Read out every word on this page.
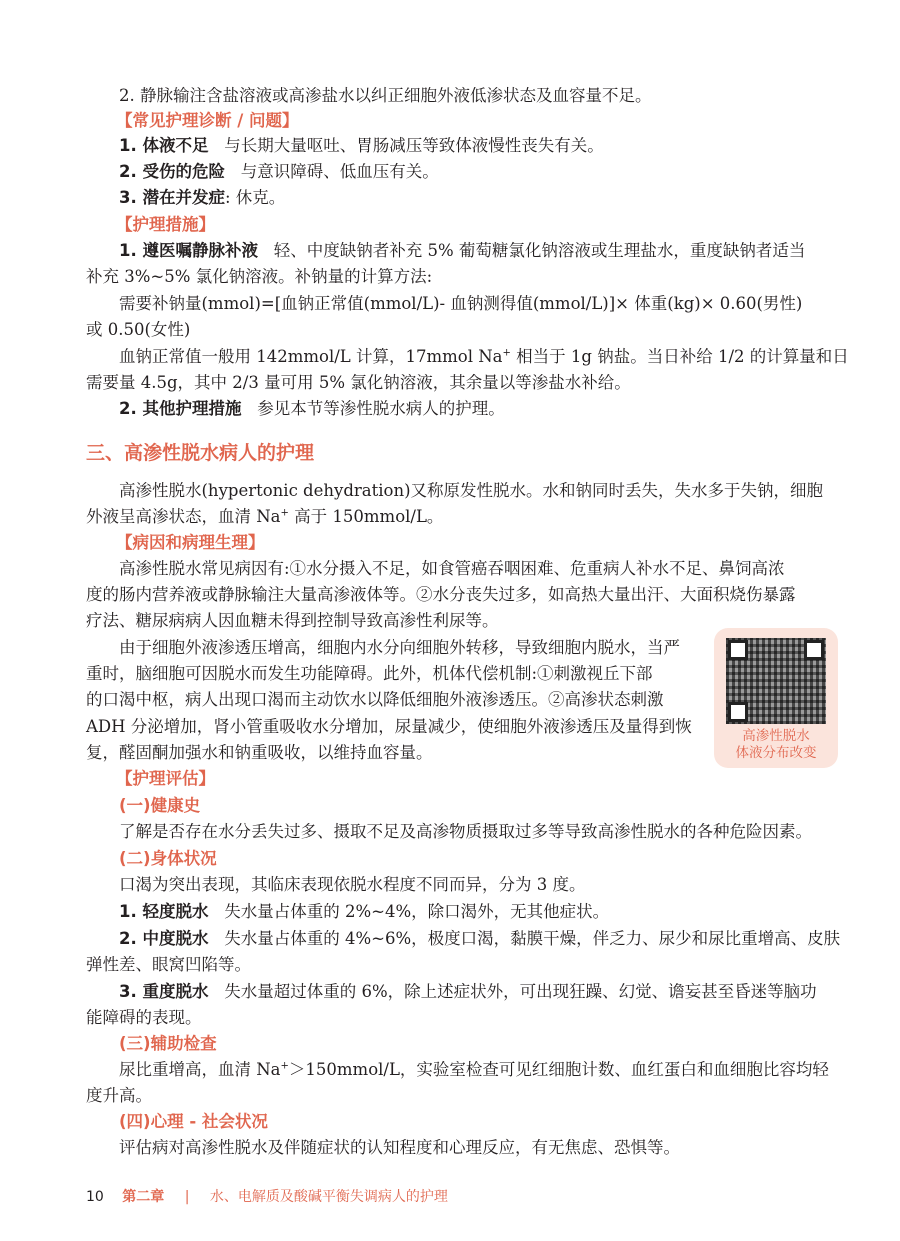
2. 静脉输注含盐溶液或高渗盐水以纠正细胞外液低渗状态及血容量不足。
【常见护理诊断 / 问题】
1. 体液不足 与长期大量呕吐、胃肠减压等致体液慢性丧失有关。
2. 受伤的危险 与意识障碍、低血压有关。
3. 潜在并发症: 休克。
【护理措施】
1. 遵医嘱静脉补液 轻、中度缺钠者补充 5% 葡萄糖氯化钠溶液或生理盐水，重度缺钠者适当
补充 3%~5% 氯化钠溶液。补钠量的计算方法:
需要补钠量(mmol)=[血钠正常值(mmol/L)- 血钠测得值(mmol/L)]× 体重(kg)× 0.60(男性)
或 0.50(女性)
血钠正常值一般用 142mmol/L 计算，17mmol Na+ 相当于 1g 钠盐。当日补给 1/2 的计算量和日
需要量 4.5g，其中 2/3 量可用 5% 氯化钠溶液，其余量以等渗盐水补给。
2. 其他护理措施 参见本节等渗性脱水病人的护理。
三、高渗性脱水病人的护理
高渗性脱水(hypertonic dehydration)又称原发性脱水。水和钠同时丢失，失水多于失钠，细胞
外液呈高渗状态，血清 Na+ 高于 150mmol/L。
【病因和病理生理】
高渗性脱水常见病因有:①水分摄入不足，如食管癌吞咽困难、危重病人补水不足、鼻饲高浓
度的肠内营养液或静脉输注大量高渗液体等。②水分丧失过多，如高热大量出汗、大面积烧伤暴露
疗法、糖尿病病人因血糖未得到控制导致高渗性利尿等。
由于细胞外液渗透压增高，细胞内水分向细胞外转移，导致细胞内脱水，当严
重时，脑细胞可因脱水而发生功能障碍。此外，机体代偿机制:①刺激视丘下部
的口渴中枢，病人出现口渴而主动饮水以降低细胞外液渗透压。②高渗状态刺激
ADH 分泌增加，肾小管重吸收水分增加，尿量减少，使细胞外液渗透压及量得到恢
复，醛固酮加强水和钠重吸收，以维持血容量。
高渗性脱水
体液分布改变
【护理评估】
(一)健康史
了解是否存在水分丢失过多、摄取不足及高渗物质摄取过多等导致高渗性脱水的各种危险因素。
(二)身体状况
口渴为突出表现，其临床表现依脱水程度不同而异，分为 3 度。
1. 轻度脱水 失水量占体重的 2%~4%，除口渴外，无其他症状。
2. 中度脱水 失水量占体重的 4%~6%，极度口渴，黏膜干燥，伴乏力、尿少和尿比重增高、皮肤
弹性差、眼窝凹陷等。
3. 重度脱水 失水量超过体重的 6%，除上述症状外，可出现狂躁、幻觉、谵妄甚至昏迷等脑功
能障碍的表现。
(三)辅助检查
尿比重增高，血清 Na+＞150mmol/L，实验室检查可见红细胞计数、血红蛋白和血细胞比容均轻
度升高。
(四)心理 - 社会状况
评估病对高渗性脱水及伴随症状的认知程度和心理反应，有无焦虑、恐惧等。
10 第二章 | 水、电解质及酸碱平衡失调病人的护理
